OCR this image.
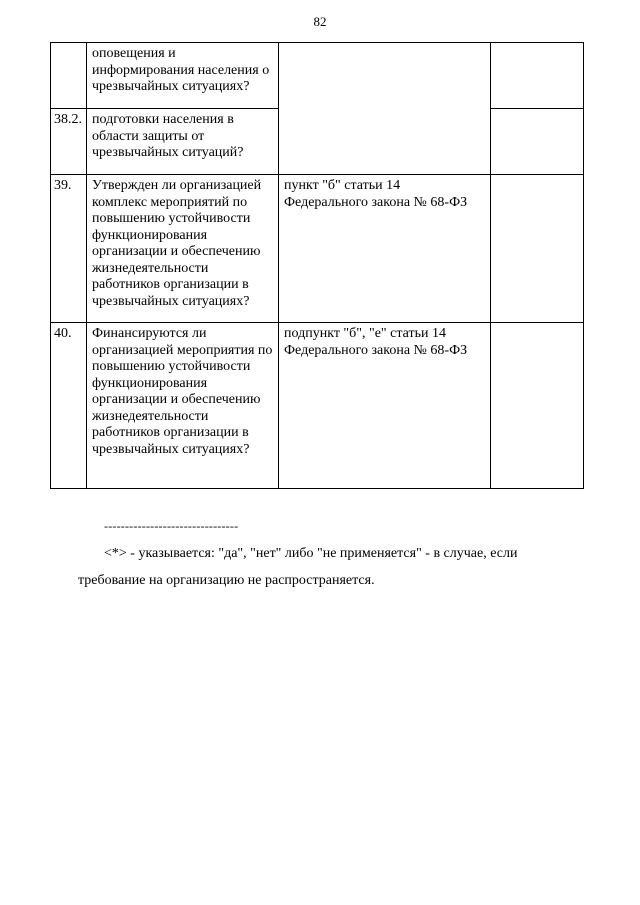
82
	оповещения и информирования населения о чрезвычайных ситуациях?		
38.2.	подготовки населения в области защиты от чрезвычайных ситуаций?		
39.	Утвержден ли организацией комплекс мероприятий по повышению устойчивости функционирования организации и обеспечению жизнедеятельности работников организации в чрезвычайных ситуациях?	пункт "б" статьи 14 Федерального закона № 68-ФЗ	
40.	Финансируются ли организацией мероприятия по повышению устойчивости функционирования организации и обеспечению жизнедеятельности работников организации в чрезвычайных ситуациях?	подпункт "б", "е" статьи 14 Федерального закона № 68-ФЗ	
--------------------------------
<*> - указывается: "да", "нет" либо "не применяется" - в случае, если требование на организацию не распространяется.
